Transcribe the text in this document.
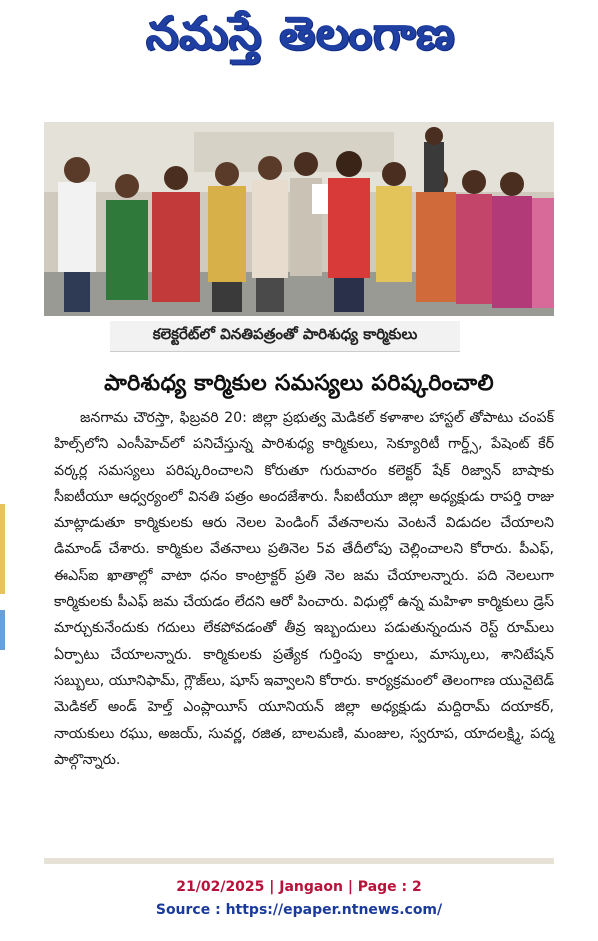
నమస్తే తెలంగాణ
కలెక్టరేట్‌లో వినతిపత్రంతో పారిశుధ్య కార్మికులు
పారిశుధ్య కార్మికుల సమస్యలు పరిష్కరించాలి

జనగామ చౌరస్తా, ఫిబ్రవరి 20: జిల్లా ప్రభుత్వ మెడికల్ కళాశాల హాస్టల్ తోపాటు చంపక్ హిల్స్‌లోని ఎంసీహెచ్‌లో పనిచేస్తున్న పారిశుధ్య కార్మికులు, సెక్యూరిటీ గార్డ్స్, పేషెంట్ కేర్ వర్కర్ల సమస్యలు పరిష్కరించాలని కోరుతూ గురువారం కలెక్టర్ షేక్ రిజ్వాన్ బాషాకు సీఐటీయూ ఆధ్వర్యంలో వినతి పత్రం అందజేశారు. సీఐటీయూ జిల్లా అధ్యక్షుడు రాపర్తి రాజు మాట్లాడుతూ కార్మికులకు ఆరు నెలల పెండింగ్ వేతనాలను వెంటనే విడుదల చేయాలని డిమాండ్ చేశారు. కార్మికుల వేతనాలు ప్రతినెల 5వ తేదీలోపు చెల్లించాలని కోరారు. పీఎఫ్, ఈఎస్ఐ ఖాతాల్లో వాటా ధనం కాంట్రాక్టర్ ప్రతి నెల జమ చేయాలన్నారు. పది నెలలుగా కార్మికులకు పీఎఫ్ జమ చేయడం లేదని ఆరో పించారు. విధుల్లో ఉన్న మహిళా కార్మికులు డ్రెస్ మార్చుకునేందుకు గదులు లేకపోవడంతో తీవ్ర ఇబ్బందులు పడుతున్నందున రెస్ట్ రూమ్‌లు ఏర్పాటు చేయాలన్నారు. కార్మికులకు ప్రత్యేక గుర్తింపు కార్డులు, మాస్కులు, శానిటేషన్ సబ్బులు, యూనిఫామ్, గ్లౌజ్‌లు, షూస్ ఇవ్వాలని కోరారు. కార్యక్రమంలో తెలంగాణ యునైటెడ్ మెడికల్ అండ్ హెల్త్ ఎంప్లాయీస్ యూనియన్ జిల్లా అధ్యక్షుడు మద్దిరామ్ దయాకర్, నాయకులు రఘు, అజయ్, సువర్ణ, రజిత, బాలమణి, మంజుల, స్వరూప, యాదలక్ష్మి, పద్మ పాల్గొన్నారు.

21/02/2025 | Jangaon | Page : 2
Source : https://epaper.ntnews.com/
